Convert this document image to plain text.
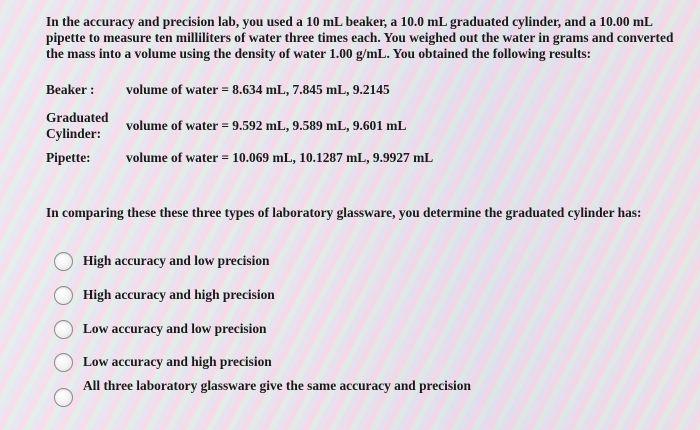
In the accuracy and precision lab, you used a 10 mL beaker, a 10.0 mL graduated cylinder, and a 10.00 mL pipette to measure ten milliliters of water three times each. You weighed out the water in grams and converted the mass into a volume using the density of water 1.00 g/mL. You obtained the following results:
Beaker :	volume of water = 8.634 mL, 7.845 mL, 9.2145
Graduated
Cylinder:
volume of water = 9.592 mL, 9.589 mL, 9.601 mL
Pipette:	volume of water = 10.069 mL, 10.1287 mL, 9.9927 mL
In comparing these these three types of laboratory glassware, you determine the graduated cylinder has:
High accuracy and low precision
High accuracy and high precision
Low accuracy and low precision
Low accuracy and high precision
All three laboratory glassware give the same accuracy and precision
